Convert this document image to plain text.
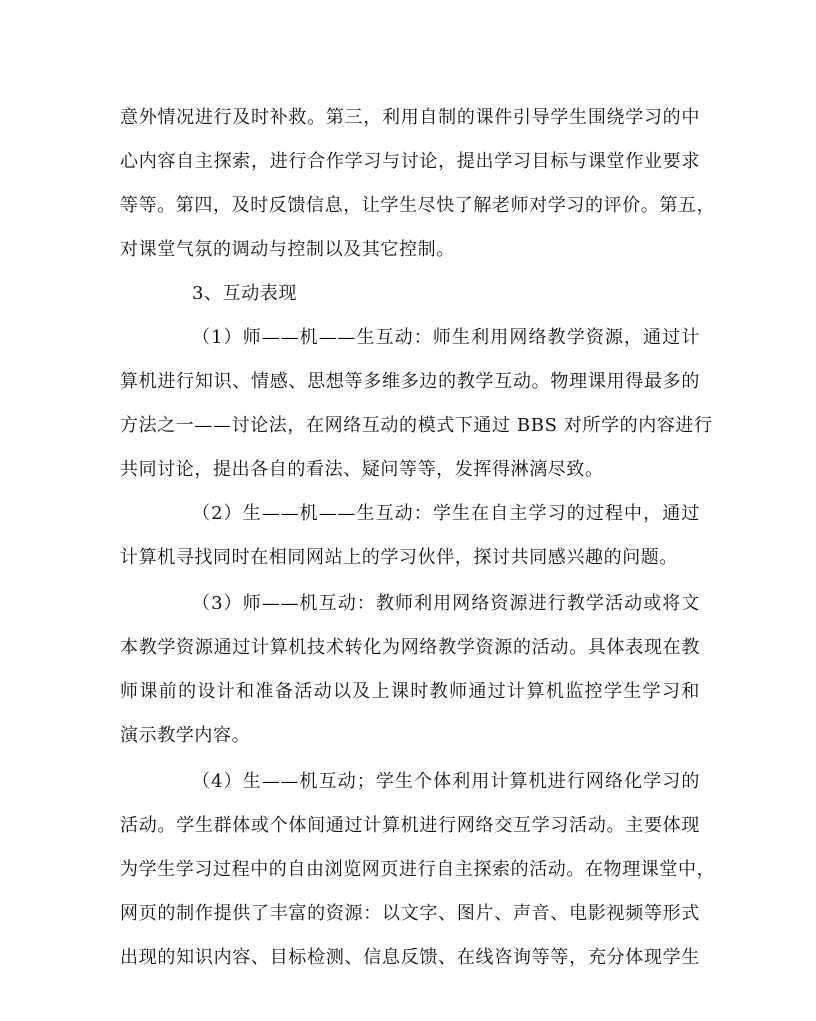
意外情况进行及时补救。第三，利用自制的课件引导学生围绕学习的中
心内容自主探索，进行合作学习与讨论，提出学习目标与课堂作业要求
等等。第四，及时反馈信息，让学生尽快了解老师对学习的评价。第五，
对课堂气氛的调动与控制以及其它控制。
3、互动表现
（1）师——机——生互动：师生利用网络教学资源，通过计
算机进行知识、情感、思想等多维多边的教学互动。物理课用得最多的
方法之一——讨论法，在网络互动的模式下通过 BBS 对所学的内容进行
共同讨论，提出各自的看法、疑问等等，发挥得淋漓尽致。
（2）生——机——生互动：学生在自主学习的过程中，通过
计算机寻找同时在相同网站上的学习伙伴，探讨共同感兴趣的问题。
（3）师——机互动：教师利用网络资源进行教学活动或将文
本教学资源通过计算机技术转化为网络教学资源的活动。具体表现在教
师课前的设计和准备活动以及上课时教师通过计算机监控学生学习和
演示教学内容。
（4）生——机互动；学生个体利用计算机进行网络化学习的
活动。学生群体或个体间通过计算机进行网络交互学习活动。主要体现
为学生学习过程中的自由浏览网页进行自主探索的活动。在物理课堂中，
网页的制作提供了丰富的资源：以文字、图片、声音、电影视频等形式
出现的知识内容、目标检测、信息反馈、在线咨询等等，充分体现学生
